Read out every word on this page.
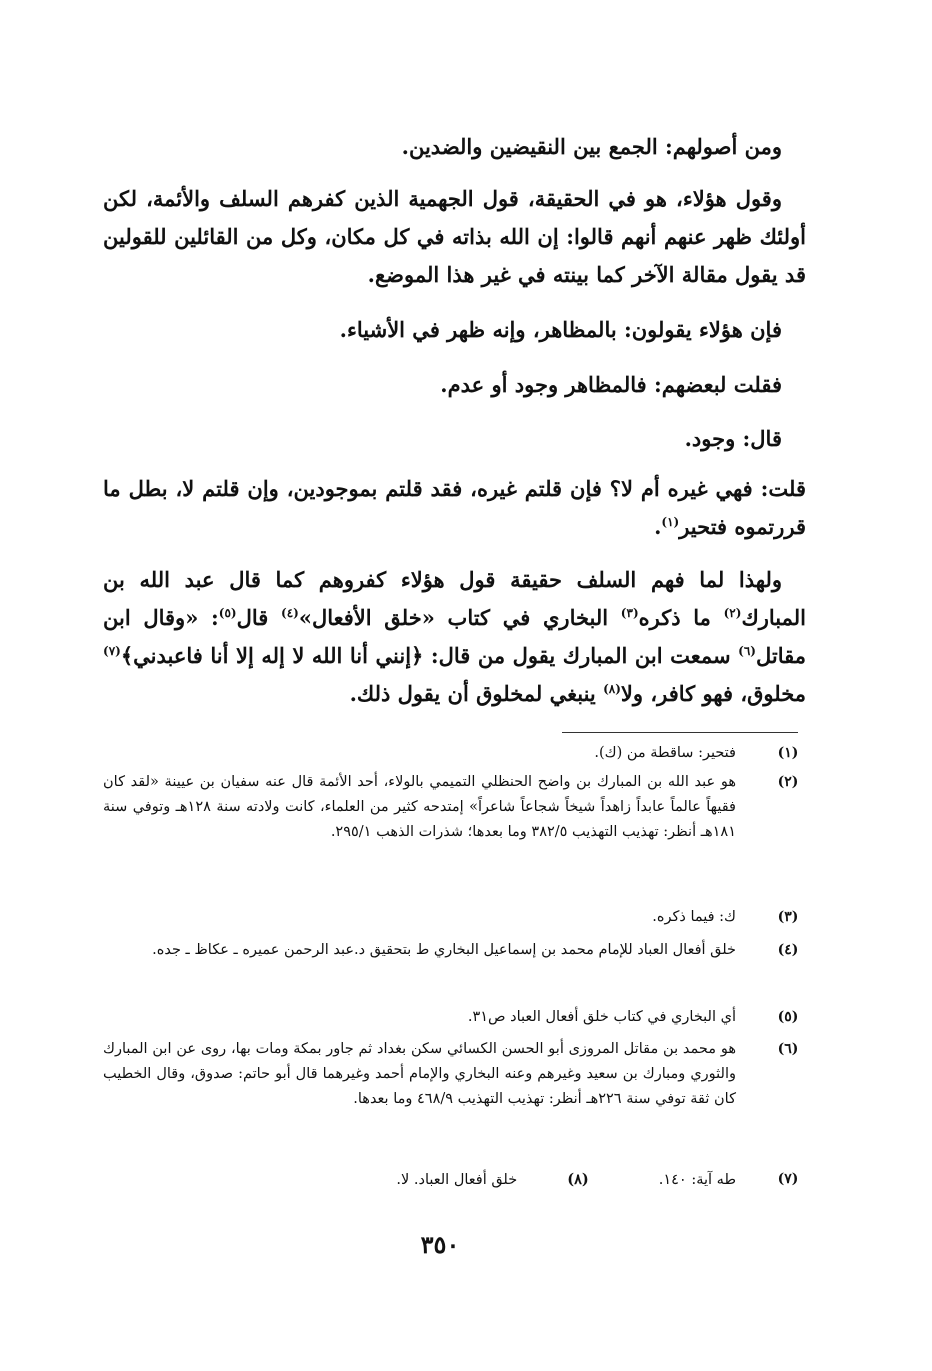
ومن أصولهم: الجمع بين النقيضين والضدين.

وقول هؤلاء، هو في الحقيقة، قول الجهمية الذين كفرهم السلف والأئمة، لكن أولئك ظهر عنهم أنهم قالوا: إن الله بذاته في كل مكان، وكل من القائلين للقولين قد يقول مقالة الآخر كما بينته في غير هذا الموضع.

فإن هؤلاء يقولون: بالمظاهر، وإنه ظهر في الأشياء.

فقلت لبعضهم: فالمظاهر وجود أو عدم.

قال: وجود.

قلت: فهي غيره أم لا؟ فإن قلتم غيره، فقد قلتم بموجودين، وإن قلتم لا، بطل ما قررتموه فتحير$^{(١)}$.

ولهذا لما فهم السلف حقيقة قول هؤلاء كفروهم كما قال عبد الله بن المبارك$^{(٢)}$ ما ذكره$^{(٣)}$ البخاري في كتاب «خلق الأفعال»$^{(٤)}$ قال$^{(٥)}$: «وقال ابن مقاتل$^{(٦)}$ سمعت ابن المبارك يقول من قال: ﴿إنني أنا الله لا إله إلا أنا فاعبدني﴾$^{(٧)}$ مخلوق، فهو كافر، ولا$^{(٨)}$ ينبغي لمخلوق أن يقول ذلك.

(١)
فتحير: ساقطة من (ك).
(٢)
هو عبد الله بن المبارك بن واضح الحنظلي التميمي بالولاء، أحد الأئمة قال عنه سفيان بن عيينة «لقد كان فقيهاً عالماً عابداً زاهداً شيخاً شجاعاً شاعراً» إمتدحه كثير من العلماء، كانت ولادته سنة ١٢٨هـ وتوفي سنة ١٨١هـ أنظر: تهذيب التهذيب ٣٨٢/٥ وما بعدها؛ شذرات الذهب ٢٩٥/١.
(٣)
ك: فيما ذكره.
(٤)
خلق أفعال العباد للإمام محمد بن إسماعيل البخاري ط بتحقيق د.عبد الرحمن عميره ـ عكاظ ـ جده.
(٥)
أي البخاري في كتاب خلق أفعال العباد ص٣١.
(٦)
هو محمد بن مقاتل المروزى أبو الحسن الكسائي سكن بغداد ثم جاور بمكة ومات بها، روى عن ابن المبارك والثوري ومبارك بن سعيد وغيرهم وعنه البخاري والإمام أحمد وغيرهما قال أبو حاتم: صدوق، وقال الخطيب كان ثقة توفي سنة ٢٢٦هـ أنظر: تهذيب التهذيب ٤٦٨/٩ وما بعدها.
(٧)
طه آية: ١٤٠.(٨)خلق أفعال العباد. لا.
٣٥٠
